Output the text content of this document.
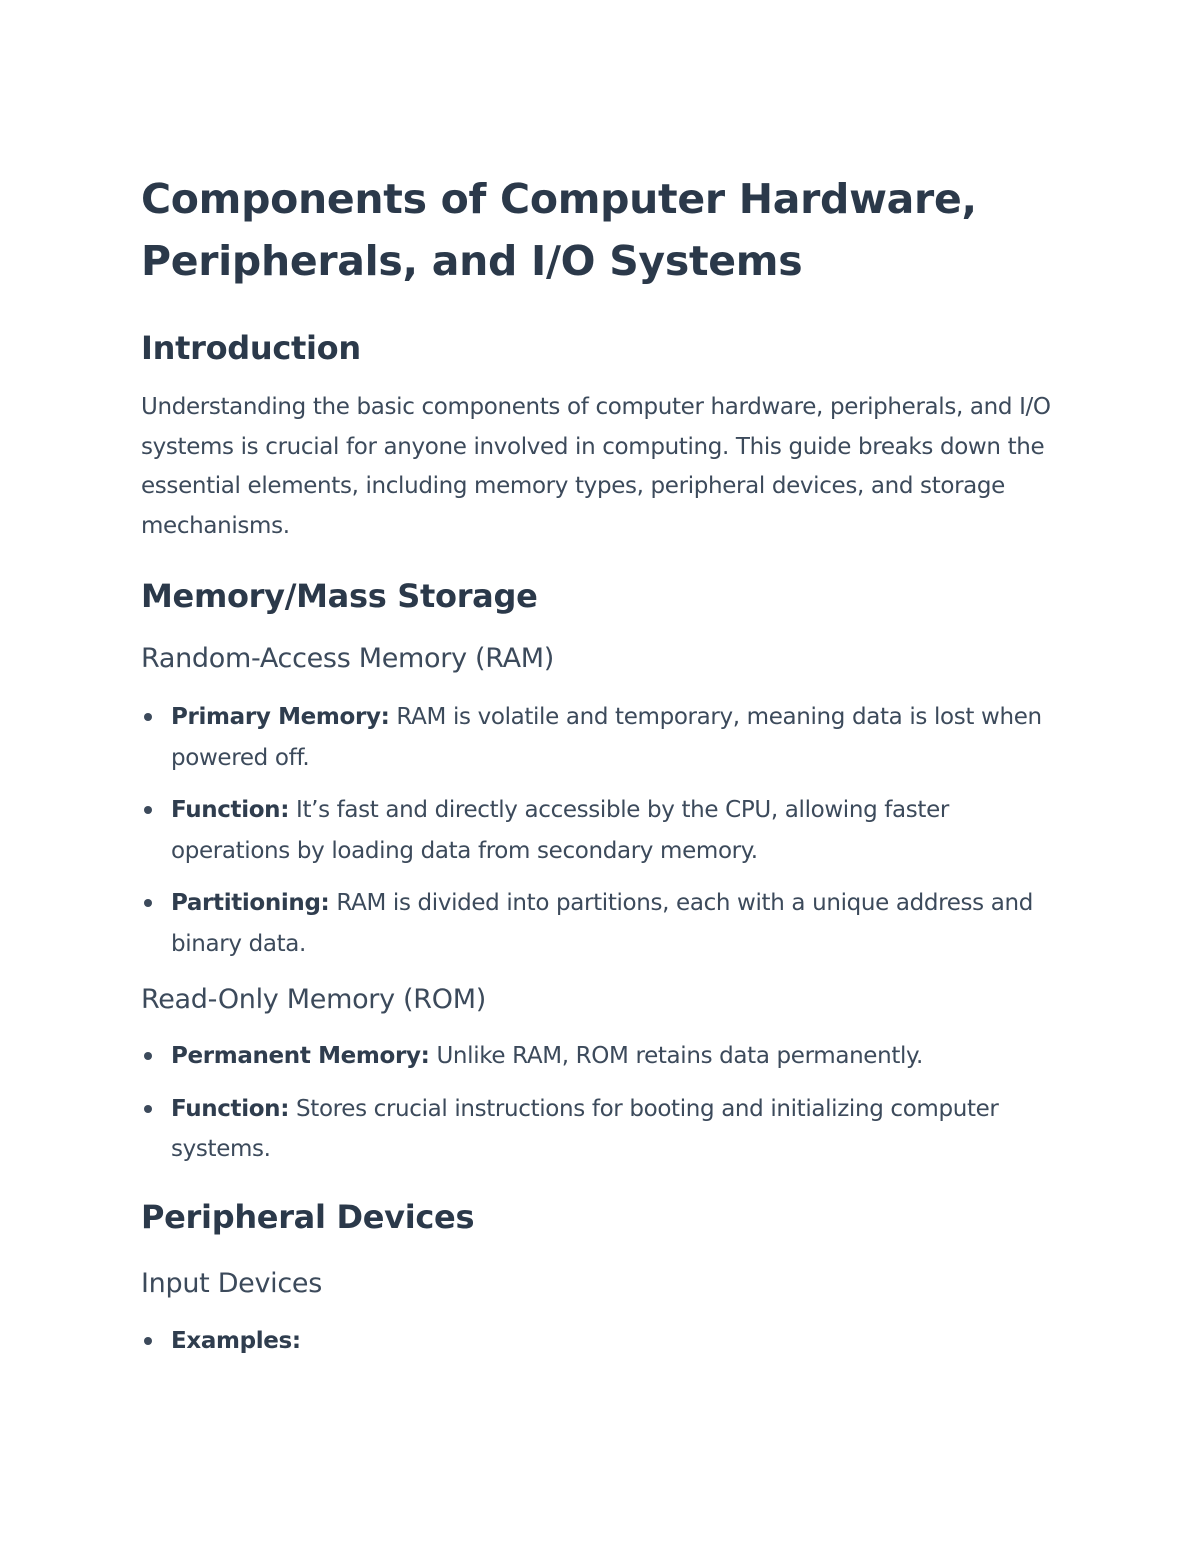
Components of Computer Hardware, Peripherals, and I/O Systems
Introduction

Understanding the basic components of computer hardware, peripherals, and I/O systems is crucial for anyone involved in computing. This guide breaks down the essential elements, including memory types, peripheral devices, and storage mechanisms.

Memory/Mass Storage
Random-Access Memory (RAM)
Primary Memory: RAM is volatile and temporary, meaning data is lost when powered off.
Function: It’s fast and directly accessible by the CPU, allowing faster operations by loading data from secondary memory.
Partitioning: RAM is divided into partitions, each with a unique address and binary data.
Read-Only Memory (ROM)
Permanent Memory: Unlike RAM, ROM retains data permanently.
Function: Stores crucial instructions for booting and initializing computer systems.
Peripheral Devices
Input Devices
Examples:
